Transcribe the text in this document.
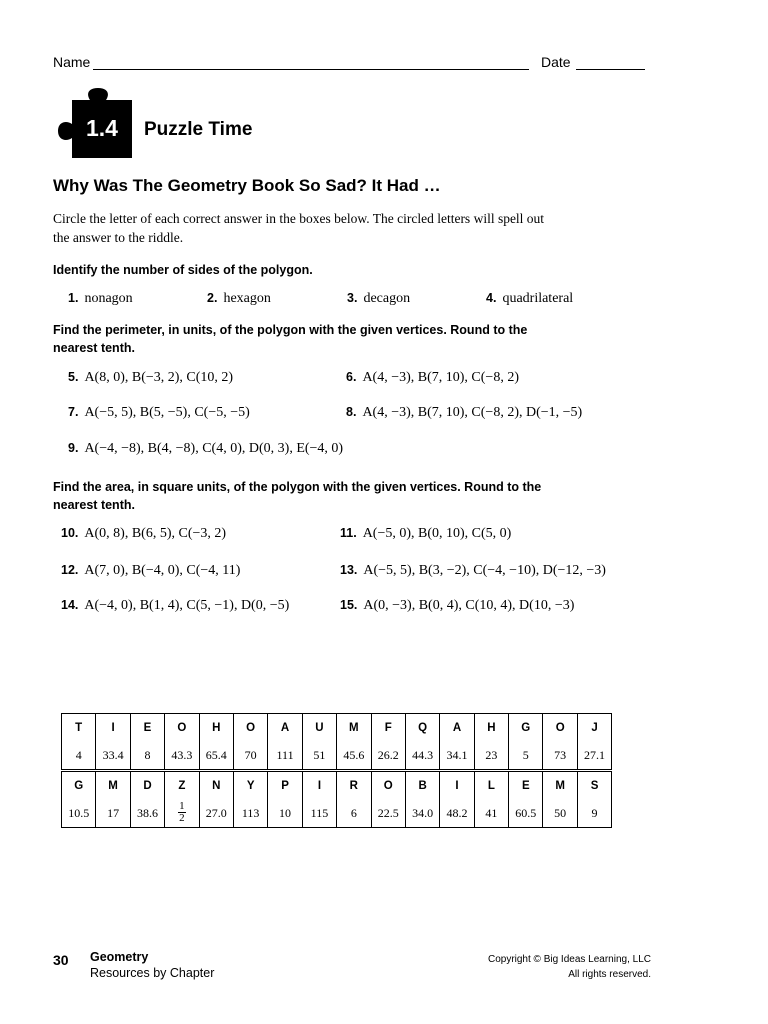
Name	Date
1.4	Puzzle Time
Why Was The Geometry Book So Sad? It Had …
Circle the letter of each correct answer in the boxes below. The circled letters will spell out the answer to the riddle.
Identify the number of sides of the polygon.
1. nonagon	2. hexagon	3. decagon	4. quadrilateral
Find the perimeter, in units, of the polygon with the given vertices. Round to the nearest tenth.
5. A(8, 0), B(−3, 2), C(10, 2)	6. A(4, −3), B(7, 10), C(−8, 2)
7. A(−5, 5), B(5, −5), C(−5, −5)	8. A(4, −3), B(7, 10), C(−8, 2), D(−1, −5)
9. A(−4, −8), B(4, −8), C(4, 0), D(0, 3), E(−4, 0)
Find the area, in square units, of the polygon with the given vertices. Round to the nearest tenth.
10. A(0, 8), B(6, 5), C(−3, 2)	11. A(−5, 0), B(0, 10), C(5, 0)
12. A(7, 0), B(−4, 0), C(−4, 11)	13. A(−5, 5), B(3, −2), C(−4, −10), D(−12, −3)
14. A(−4, 0), B(1, 4), C(5, −1), D(0, −5)	15. A(0, −3), B(0, 4), C(10, 4), D(10, −3)
T	I	E	O	H	O	A	U	M	F	Q	A	H	G	O	J
4	33.4	8	43.3	65.4	70	111	51	45.6	26.2	44.3	34.1	23	5	73	27.1
G	M	D	Z	N	Y	P	I	R	O	B	I	L	E	M	S
10.5	17	38.6	$\frac{1}{2}$	27.0	113	10	115	6	22.5	34.0	48.2	41	60.5	50	9
30 Geometry
Resources by Chapter
Copyright © Big Ideas Learning, LLC
All rights reserved.
